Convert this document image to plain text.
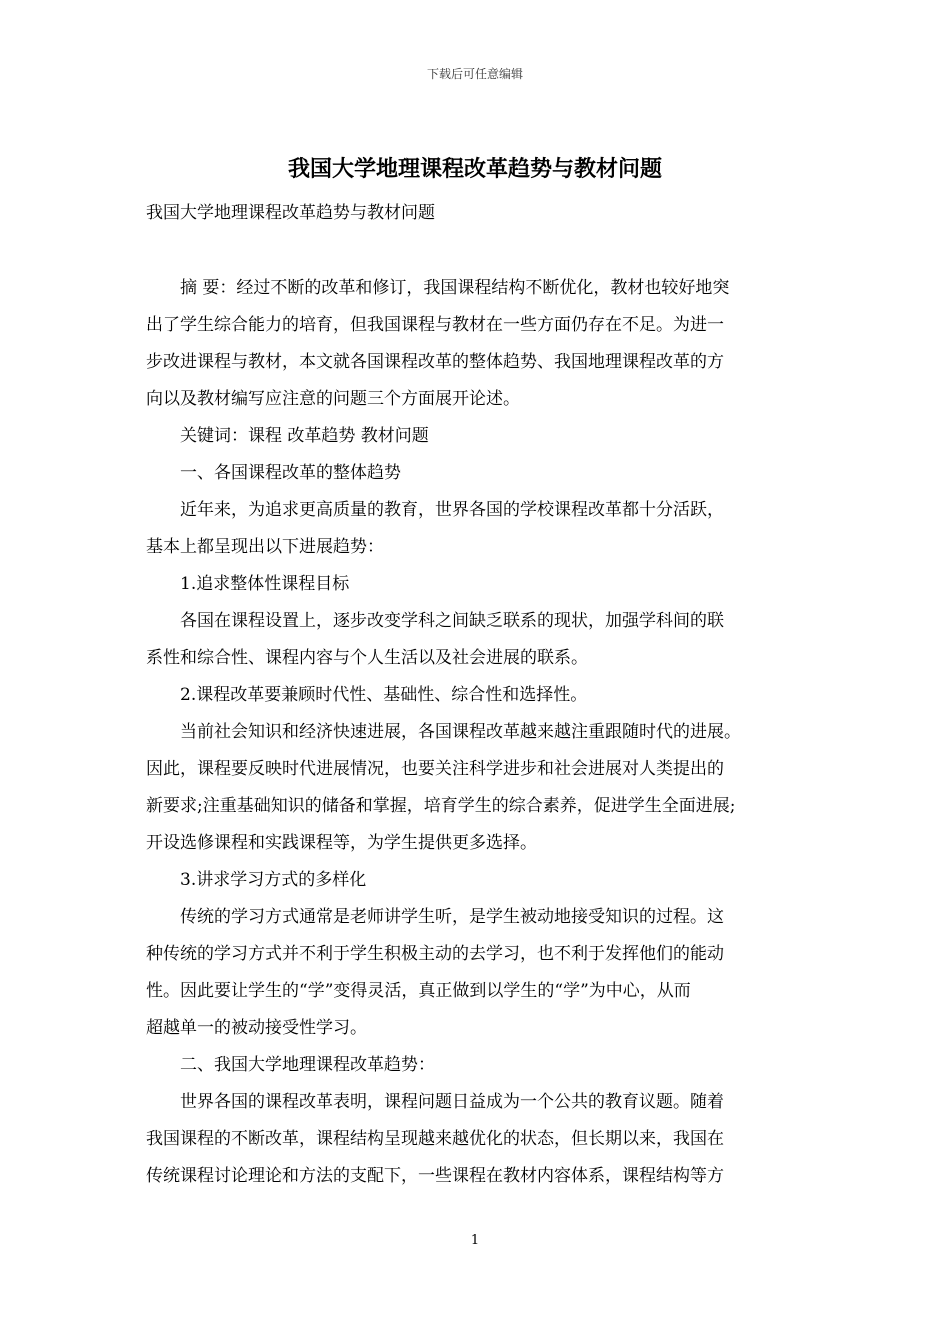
下载后可任意编辑
我国大学地理课程改革趋势与教材问题
我国大学地理课程改革趋势与教材问题

摘 要：经过不断的改革和修订，我国课程结构不断优化，教材也较好地突

出了学生综合能力的培育，但我国课程与教材在一些方面仍存在不足。为进一

步改进课程与教材，本文就各国课程改革的整体趋势、我国地理课程改革的方

向以及教材编写应注意的问题三个方面展开论述。

关键词：课程 改革趋势 教材问题

一、各国课程改革的整体趋势

近年来，为追求更高质量的教育，世界各国的学校课程改革都十分活跃，

基本上都呈现出以下进展趋势：

1.追求整体性课程目标

各国在课程设置上，逐步改变学科之间缺乏联系的现状，加强学科间的联

系性和综合性、课程内容与个人生活以及社会进展的联系。

2.课程改革要兼顾时代性、基础性、综合性和选择性。

当前社会知识和经济快速进展，各国课程改革越来越注重跟随时代的进展。

因此，课程要反映时代进展情况，也要关注科学进步和社会进展对人类提出的

新要求;注重基础知识的储备和掌握，培育学生的综合素养，促进学生全面进展;

开设选修课程和实践课程等，为学生提供更多选择。

3.讲求学习方式的多样化

传统的学习方式通常是老师讲学生听，是学生被动地接受知识的过程。这

种传统的学习方式并不利于学生积极主动的去学习，也不利于发挥他们的能动

性。因此要让学生的“学”变得灵活，真正做到以学生的“学”为中心，从而

超越单一的被动接受性学习。

二、我国大学地理课程改革趋势：

世界各国的课程改革表明，课程问题日益成为一个公共的教育议题。随着

我国课程的不断改革，课程结构呈现越来越优化的状态，但长期以来，我国在

传统课程讨论理论和方法的支配下，一些课程在教材内容体系，课程结构等方

1
